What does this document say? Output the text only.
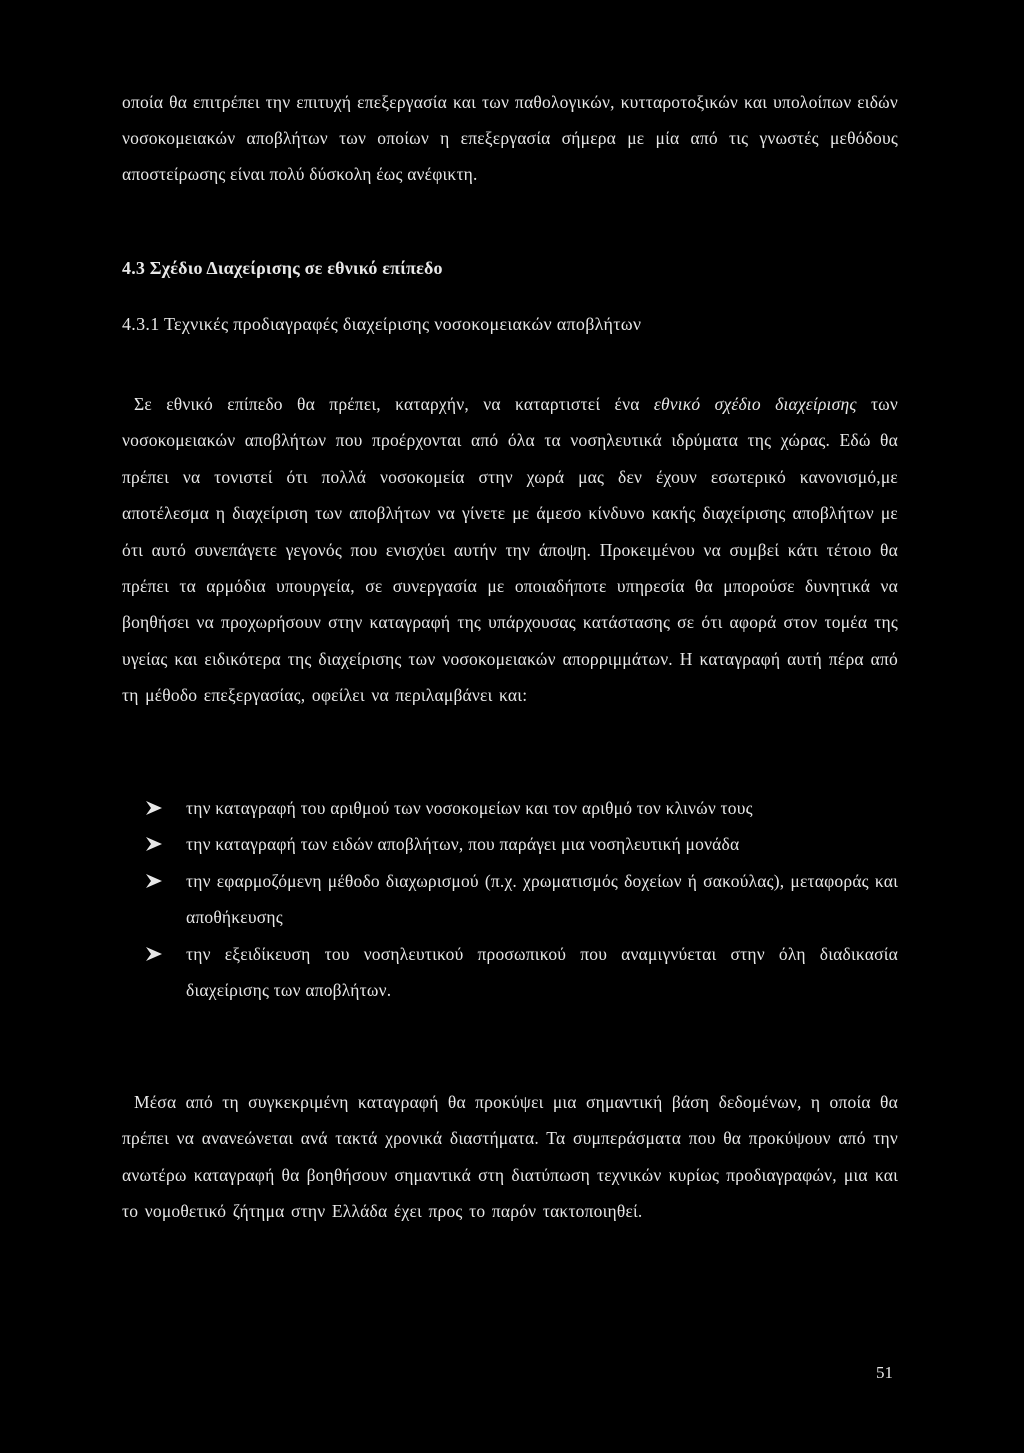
οποία θα επιτρέπει την επιτυχή επεξεργασία και των παθολογικών, κυτταροτοξικών και υπολοίπων ειδών νοσοκομειακών αποβλήτων των οποίων η επεξεργασία σήμερα με μία από τις γνωστές μεθόδους αποστείρωσης είναι πολύ δύσκολη έως ανέφικτη.

4.3 Σχέδιο Διαχείρισης σε εθνικό επίπεδο
4.3.1 Τεχνικές προδιαγραφές διαχείρισης νοσοκομειακών αποβλήτων

Σε εθνικό επίπεδο θα πρέπει, καταρχήν, να καταρτιστεί ένα εθνικό σχέδιο διαχείρισης των νοσοκομειακών αποβλήτων που προέρχονται από όλα τα νοσηλευτικά ιδρύματα της χώρας. Εδώ θα πρέπει να τονιστεί ότι πολλά νοσοκομεία στην χωρά μας δεν έχουν εσωτερικό κανονισμό,με αποτέλεσμα η διαχείριση των αποβλήτων να γίνετε με άμεσο κίνδυνο κακής διαχείρισης αποβλήτων με ότι αυτό συνεπάγετε γεγονός που ενισχύει αυτήν την άποψη. Προκειμένου να συμβεί κάτι τέτοιο θα πρέπει τα αρμόδια υπουργεία, σε συνεργασία με οποιαδήποτε υπηρεσία θα μπορούσε δυνητικά να βοηθήσει να προχωρήσουν στην καταγραφή της υπάρχουσας κατάστασης σε ότι αφορά στον τομέα της υγείας και ειδικότερα της διαχείρισης των νοσοκομειακών απορριμμάτων. Η καταγραφή αυτή πέρα από τη μέθοδο επεξεργασίας, οφείλει να περιλαμβάνει και:

την καταγραφή του αριθμού των νοσοκομείων και τον αριθμό τον κλινών τους
την καταγραφή των ειδών αποβλήτων, που παράγει μια νοσηλευτική μονάδα
την εφαρμοζόμενη μέθοδο διαχωρισμού (π.χ. χρωματισμός δοχείων ή σακούλας), μεταφοράς και αποθήκευσης
την εξειδίκευση του νοσηλευτικού προσωπικού που αναμιγνύεται στην όλη διαδικασία διαχείρισης των αποβλήτων.

Μέσα από τη συγκεκριμένη καταγραφή θα προκύψει μια σημαντική βάση δεδομένων, η οποία θα πρέπει να ανανεώνεται ανά τακτά χρονικά διαστήματα. Τα συμπεράσματα που θα προκύψουν από την ανωτέρω καταγραφή θα βοηθήσουν σημαντικά στη διατύπωση τεχνικών κυρίως προδιαγραφών, μια και το νομοθετικό ζήτημα στην Ελλάδα έχει προς το παρόν τακτοποιηθεί.

51
